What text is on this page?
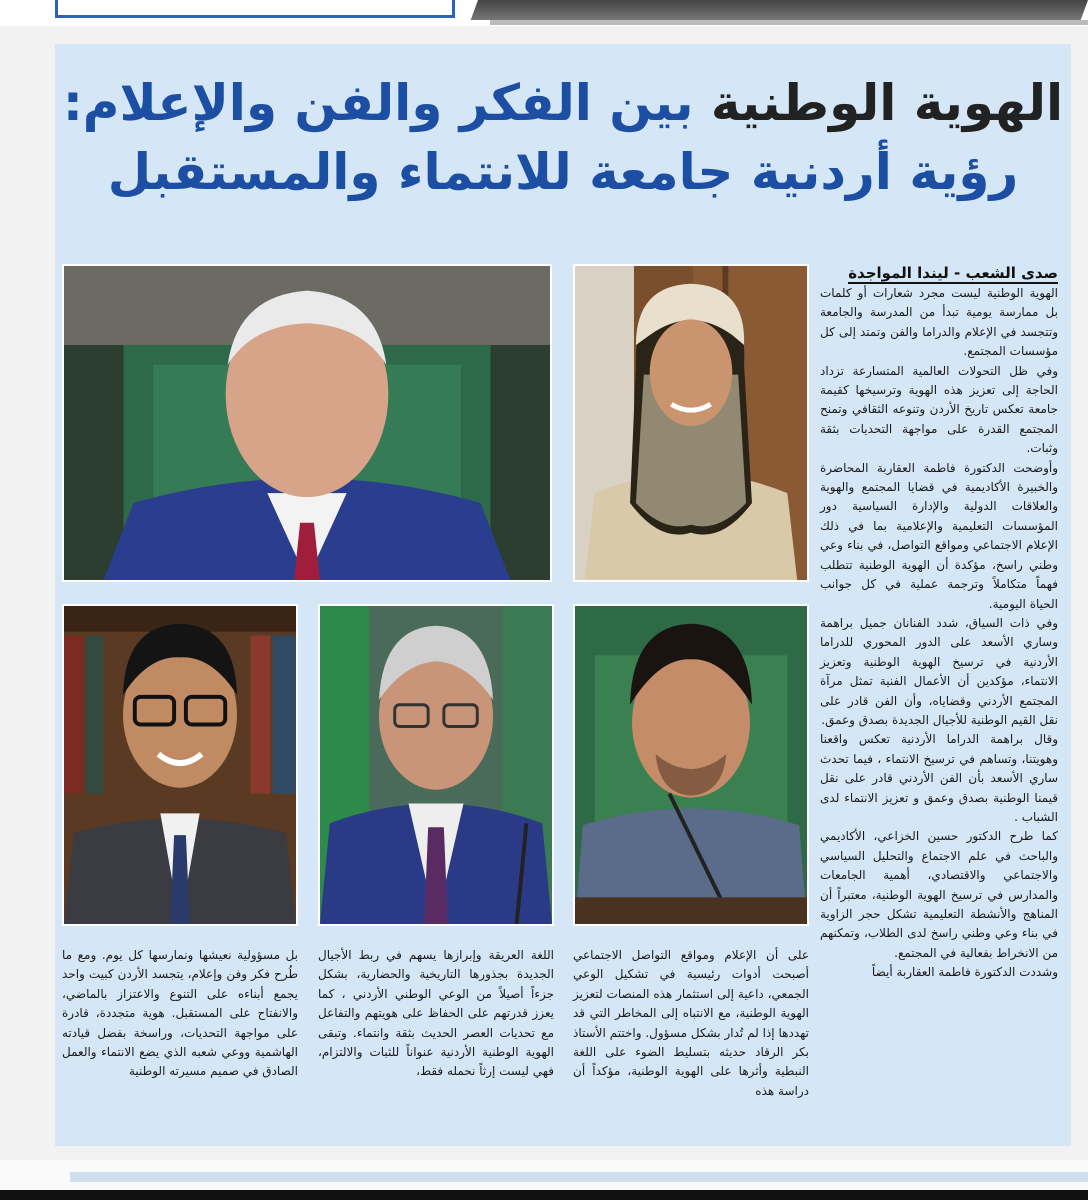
الهوية الوطنية بين الفكر والفن والإعلام:
رؤية أردنية جامعة للانتماء والمستقبل
صدى الشعب - ليندا المواجدة

الهوية الوطنية ليست مجرد شعارات أو كلمات بل ممارسة يومية تبدأ من المدرسة والجامعة وتتجسد في الإعلام والدراما والفن وتمتد إلى كل مؤسسات المجتمع.

وفي ظل التحولات العالمية المتسارعة تزداد الحاجة إلى تعزيز هذه الهوية وترسيخها كقيمة جامعة تعكس تاريخ الأردن وتنوعه الثقافي وتمنح المجتمع القدرة على مواجهة التحديات بثقة وثبات.

وأوضحت الدكتورة فاطمة العقاربة المحاضرة والخبيرة الأكاديمية في قضايا المجتمع والهوية والعلاقات الدولية والإدارة السياسية دور المؤسسات التعليمية والإعلامية بما في ذلك الإعلام الاجتماعي ومواقع التواصل، في بناء وعي وطني راسخ، مؤكدة أن الهوية الوطنية تتطلب فهماً متكاملاً وترجمة عملية في كل جوانب الحياة اليومية.

وفي ذات السياق، شدد الفنانان جميل براهمة وساري الأسعد على الدور المحوري للدراما الأردنية في ترسيخ الهوية الوطنية وتعزيز الانتماء، مؤكدين أن الأعمال الفنية تمثل مرآة المجتمع الأردني وقضاياه، وأن الفن قادر على نقل القيم الوطنية للأجيال الجديدة بصدق وعمق.

وقال براهمة الدراما الأردنية تعكس واقعنا وهويتنا، وتساهم في ترسيخ الانتماء ، فيما تحدث ساري الأسعد بأن الفن الأردني قادر على نقل قيمنا الوطنية بصدق وعمق و تعزيز الانتماء لدى الشباب .

كما طرح الدكتور حسين الخزاعي، الأكاديمي والباحث في علم الاجتماع والتحليل السياسي والاجتماعي والاقتصادي، أهمية الجامعات والمدارس في ترسيخ الهوية الوطنية، معتبراً أن المناهج والأنشطة التعليمية تشكل حجر الزاوية في بناء وعي وطني راسخ لدى الطلاب، وتمكنهم من الانخراط بفعالية في المجتمع.

وشددت الدكتورة فاطمة العقاربة أيضاً

على أن الإعلام ومواقع التواصل الاجتماعي أصبحت أدوات رئيسية في تشكيل الوعي الجمعي، داعية إلى استثمار هذه المنصات لتعزيز الهوية الوطنية، مع الانتباه إلى المخاطر التي قد تهددها إذا لم تُدار بشكل مسؤول. واختتم الأستاذ بكر الرقاد حديثه بتسليط الضوء على اللغة النبطية وأثرها على الهوية الوطنية، مؤكداً أن دراسة هذه

اللغة العريقة وإبرازها يسهم في ربط الأجيال الجديدة بجذورها التاريخية والحضارية، بشكل جزءاً أصيلاً من الوعي الوطني الأردني ، كما يعزز قدرتهم على الحفاظ على هويتهم والتفاعل مع تحديات العصر الحديث بثقة وانتماء. وتبقى الهوية الوطنية الأردنية عنواناً للثبات والالتزام، فهي ليست إرثاً نحمله فقط،

بل مسؤولية نعيشها ونمارسها كل يوم. ومع ما طُرح فكر وفن وإعلام، يتجسد الأردن كبيت واحد يجمع أبناءه على التنوع والاعتزاز بالماضي، والانفتاح على المستقبل. هوية متجددة، قادرة على مواجهة التحديات، وراسخة بفضل قيادته الهاشمية ووعي شعبه الذي يضع الانتماء والعمل الصادق في صميم مسيرته الوطنية
